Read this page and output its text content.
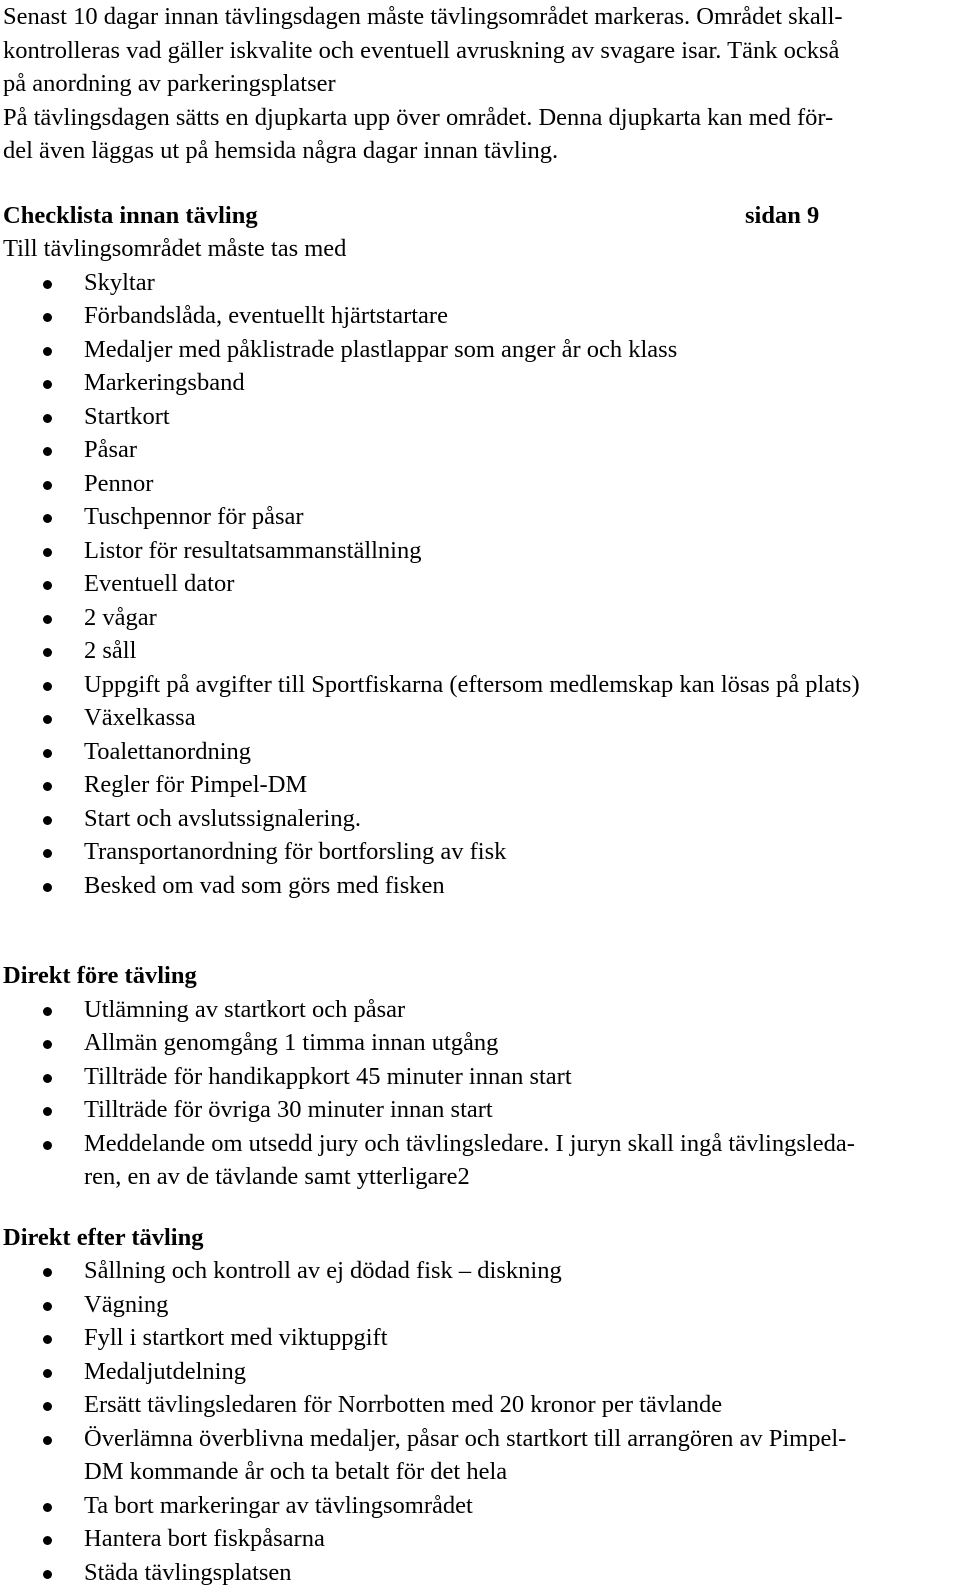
Senast 10 dagar innan tävlingsdagen måste tävlingsområdet markeras. Området skall-

kontrolleras vad gäller iskvalite och eventuell avruskning av svagare isar. Tänk också

på anordning av parkeringsplatser

På tävlingsdagen sätts en djupkarta upp över området. Denna djupkarta kan med för-

del även läggas ut på hemsida några dagar innan tävling.

Checklista innan tävling	sidan 9

Till tävlingsområdet måste tas med

Skyltar
Förbandslåda, eventuellt hjärtstartare
Medaljer med påklistrade plastlappar som anger år och klass
Markeringsband
Startkort
Påsar
Pennor
Tuschpennor för påsar
Listor för resultatsammanställning
Eventuell dator
2 vågar
2 såll
Uppgift på avgifter till Sportfiskarna (eftersom medlemskap kan lösas på plats)
Växelkassa
Toalettanordning
Regler för Pimpel-DM
Start och avslutssignalering.
Transportanordning för bortforsling av fisk
Besked om vad som görs med fisken

Direkt före tävling

Utlämning av startkort och påsar
Allmän genomgång 1 timma innan utgång
Tillträde för handikappkort 45 minuter innan start
Tillträde för övriga 30 minuter innan start
Meddelande om utsedd jury och tävlingsledare. I juryn skall ingå tävlingsleda-
ren, en av de tävlande samt ytterligare2

Direkt efter tävling

Sållning och kontroll av ej dödad fisk – diskning
Vägning
Fyll i startkort med viktuppgift
Medaljutdelning
Ersätt tävlingsledaren för Norrbotten med 20 kronor per tävlande
Överlämna överblivna medaljer, påsar och startkort till arrangören av Pimpel-
DM kommande år och ta betalt för det hela
Ta bort markeringar av tävlingsområdet
Hantera bort fiskpåsarna
Städa tävlingsplatsen
